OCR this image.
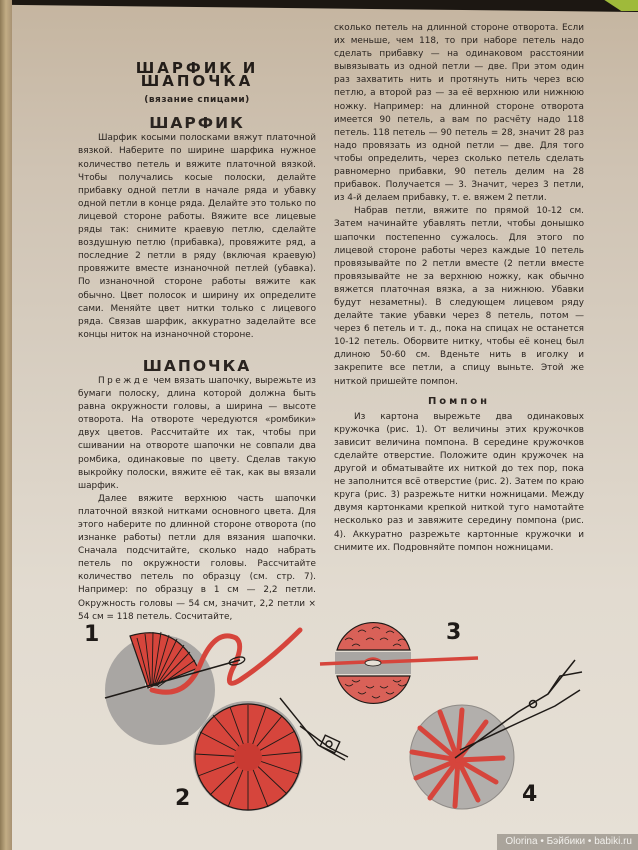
ШАРФИК И ШАПОЧКА
(вязание спицами)
ШАРФИК

Шарфик косыми полосками вяжут платочной вязкой. Наберите по ширине шарфика нужное количество петель и вяжите платочной вязкой. Чтобы получались косые полоски, делайте прибавку одной петли в начале ряда и убавку одной петли в конце ряда. Делайте это только по лицевой стороне работы. Вяжите все лицевые ряды так: снимите краевую петлю, сделайте воздушную петлю (прибавка), провяжите ряд, а последние 2 петли в ряду (включая краевую) провяжите вместе изнаночной петлей (убавка). По изнаночной стороне работы вяжите как обычно. Цвет полосок и ширину их определите сами. Меняйте цвет нитки только с лицевого ряда. Связав шарфик, аккуратно заделайте все концы ниток на изнаночной стороне.

ШАПОЧКА

Прежде чем вязать шапочку, вырежьте из бумаги полоску, длина которой должна быть равна окружности головы, а ширина — высоте отворота. На отвороте чередуются «ромбики» двух цветов. Рассчитайте их так, чтобы при сшивании на отвороте шапочки не совпали два ромбика, одинаковые по цвету. Сделав такую выкройку полоски, вяжите её так, как вы вязали шарфик.

Далее вяжите верхнюю часть шапочки платочной вязкой нитками основного цвета. Для этого наберите по длинной стороне отворота (по изнанке работы) петли для вязания шапочки. Сначала подсчитайте, сколько надо набрать петель по окружности головы. Рассчитайте количество петель по образцу (см. стр. 7). Например: по образцу в 1 см — 2,2 петли. Окружность головы — 54 см, значит, 2,2 петли × 54 см = 118 петель. Сосчитайте,

сколько петель на длинной стороне отворота. Если их меньше, чем 118, то при наборе петель надо сделать прибавку — на одинаковом расстоянии вывязывать из одной петли — две. При этом один раз захватить нить и протянуть нить через всю петлю, а второй раз — за её верхнюю или нижнюю ножку. Например: на длинной стороне отворота имеется 90 петель, а вам по расчёту надо 118 петель. 118 петель — 90 петель = 28, значит 28 раз надо провязать из одной петли — две. Для того чтобы определить, через сколько петель сделать равномерно прибавки, 90 петель делим на 28 прибавок. Получается — 3. Значит, через 3 петли, из 4-й делаем прибавку, т. е. вяжем 2 петли.

Набрав петли, вяжите по прямой 10-12 см. Затем начинайте убавлять петли, чтобы донышко шапочки постепенно сужалось. Для этого по лицевой стороне работы через каждые 10 петель провязывайте по 2 петли вместе (2 петли вместе провязывайте не за верхнюю ножку, как обычно вяжется платочная вязка, а за нижнюю. Убавки будут незаметны). В следующем лицевом ряду делайте такие убавки через 8 петель, потом — через 6 петель и т. д., пока на спицах не останется 10-12 петель. Оборвите нитку, чтобы её конец был длиною 50-60 см. Вденьте нить в иголку и закрепите все петли, а спицу выньте. Этой же ниткой пришейте помпон.

Помпон

Из картона вырежьте два одинаковых кружочка (рис. 1). От величины этих кружочков зависит величина помпона. В середине кружочков сделайте отверстие. Положите один кружочек на другой и обматывайте их ниткой до тех пор, пока не заполнится всё отверстие (рис. 2). Затем по краю круга (рис. 3) разрежьте нитки ножницами. Между двумя картонками крепкой ниткой туго намотайте несколько раз и завяжите середину помпона (рис. 4). Аккуратно разрежьте картонные кружочки и снимите их. Подровняйте помпон ножницами.

1
2
3
4
Olorina • Бэйбики • babiki.ru
